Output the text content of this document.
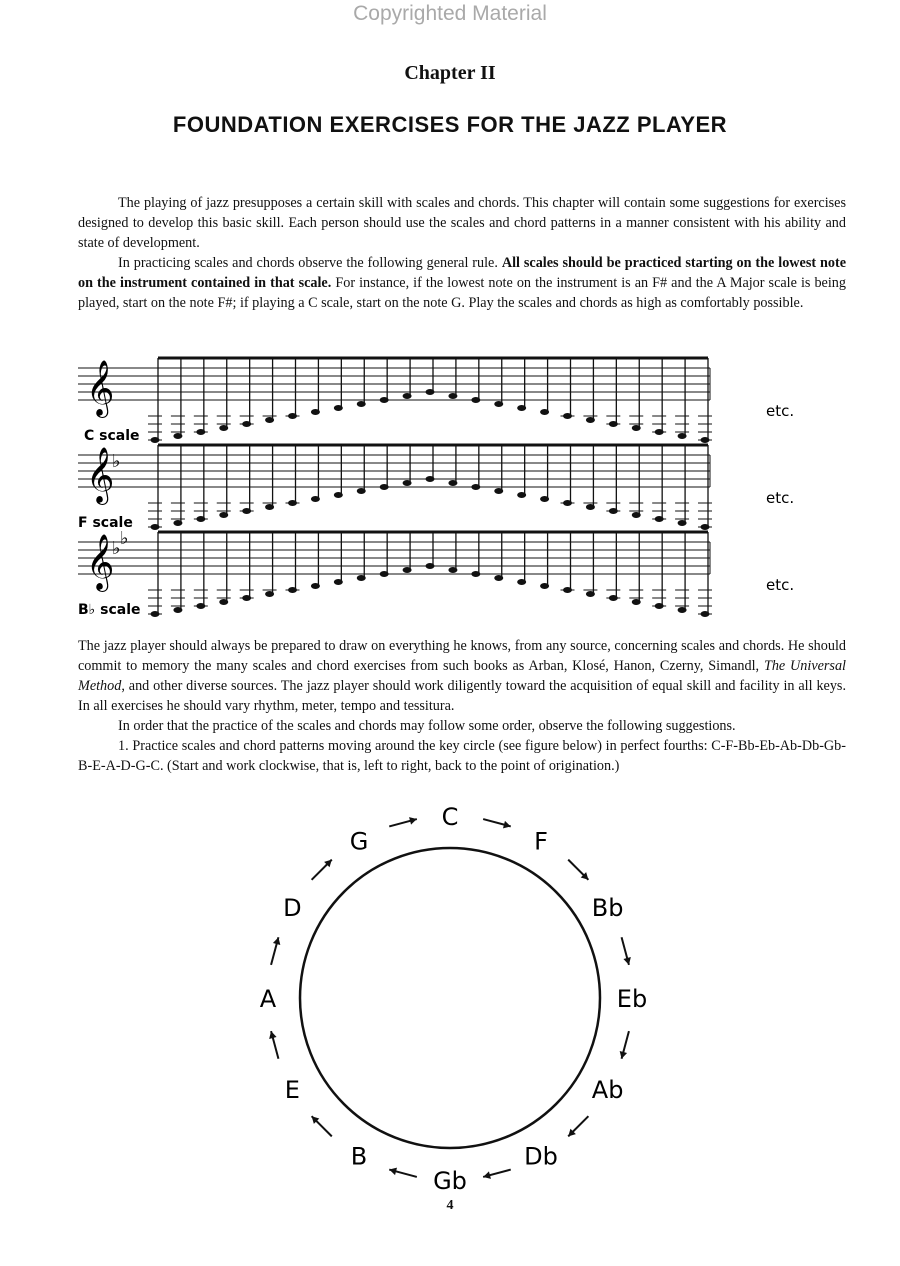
Copyrighted Material
Chapter II
FOUNDATION EXERCISES FOR THE JAZZ PLAYER

The playing of jazz presupposes a certain skill with scales and chords. This chapter will contain some suggestions for exercises designed to develop this basic skill. Each person should use the scales and chord patterns in a manner consistent with his ability and state of development.

In practicing scales and chords observe the following general rule. All scales should be practiced starting on the lowest note on the instrument contained in that scale. For instance, if the lowest note on the instrument is an F# and the A Major scale is being played, start on the note F#; if playing a C scale, start on the note G. Play the scales and chords as high as comfortably possible.

𝄞
C scale
etc.
𝄞
♭
F scale
etc.
𝄞
♭ ♭
B♭ scale
etc.

The jazz player should always be prepared to draw on everything he knows, from any source, concerning scales and chords. He should commit to memory the many scales and chord exercises from such books as Arban, Klosé, Hanon, Czerny, Simandl, The Universal Method, and other diverse sources. The jazz player should work diligently toward the acquisition of equal skill and facility in all keys. In all exercises he should vary rhythm, meter, tempo and tessitura.

In order that the practice of the scales and chords may follow some order, observe the following suggestions.

1. Practice scales and chord patterns moving around the key circle (see figure below) in perfect fourths: C-F-Bb-Eb-Ab-Db-Gb-B-E-A-D-G-C. (Start and work clockwise, that is, left to right, back to the point of origination.)

C
F
Bb
Eb
Ab
Db
Gb
B
E
A
D
G
4
